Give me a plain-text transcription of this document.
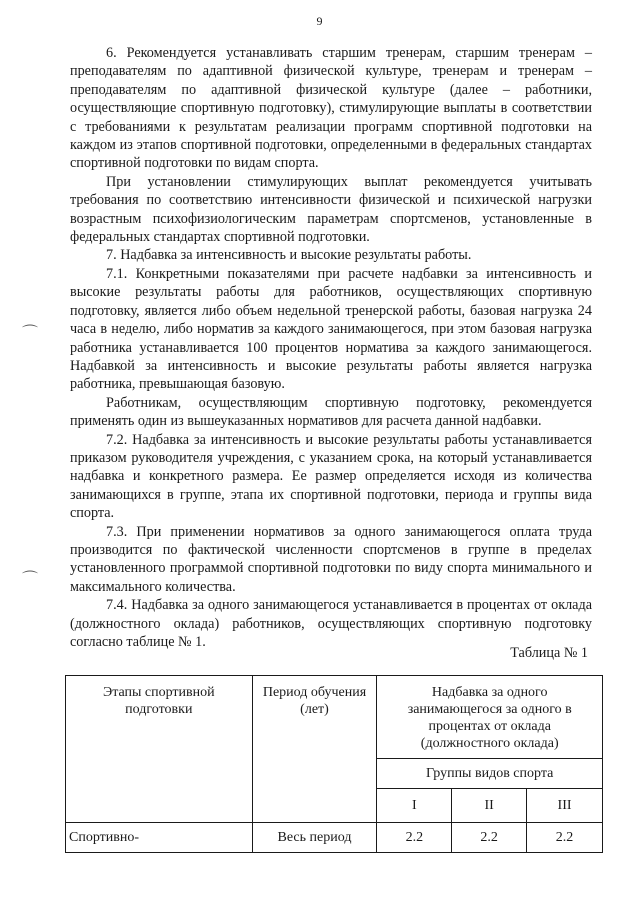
9
⌒
⌒

6. Рекомендуется устанавливать старшим тренерам, старшим тренерам – преподавателям по адаптивной физической культуре, тренерам и тренерам – преподавателям по адаптивной физической культуре (далее – работники, осуществляющие спортивную подготовку), стимулирующие выплаты в соответствии с требованиями к результатам реализации программ спортивной подготовки на каждом из этапов спортивной подготовки, определенными в федеральных стандартах спортивной подготовки по видам спорта.

При установлении стимулирующих выплат рекомендуется учитывать требования по соответствию интенсивности физической и психической нагрузки возрастным психофизиологическим параметрам спортсменов, установленные в федеральных стандартах спортивной подготовки.

7. Надбавка за интенсивность и высокие результаты работы.

7.1. Конкретными показателями при расчете надбавки за интенсивность и высокие результаты работы для работников, осуществляющих спортивную подготовку, является либо объем недельной тренерской работы, базовая нагрузка 24 часа в неделю, либо норматив за каждого занимающегося, при этом базовая нагрузка работника устанавливается 100 процентов норматива за каждого занимающегося. Надбавкой за интенсивность и высокие результаты работы является нагрузка работника, превышающая базовую.

Работникам, осуществляющим спортивную подготовку, рекомендуется применять один из вышеуказанных нормативов для расчета данной надбавки.

7.2. Надбавка за интенсивность и высокие результаты работы устанавливается приказом руководителя учреждения, с указанием срока, на который устанавливается надбавка и конкретного размера. Ее размер определяется исходя из количества занимающихся в группе, этапа их спортивной подготовки, периода и группы вида спорта.

7.3. При применении нормативов за одного занимающегося оплата труда производится по фактической численности спортсменов в группе в пределах установленного программой спортивной подготовки по виду спорта минимального и максимального количества.

7.4. Надбавка за одного занимающегося устанавливается в процентах от оклада (должностного оклада) работников, осуществляющих спортивную подготовку согласно таблице № 1.

Таблица № 1
Этапы спортивной подготовки	Период обучения (лет)	Надбавка за одного занимающегося за одного в процентах от оклада (должностного оклада)		
		Группы видов спорта		
		I	II	III
Спортивно-	Весь период	2.2	2.2	2.2
